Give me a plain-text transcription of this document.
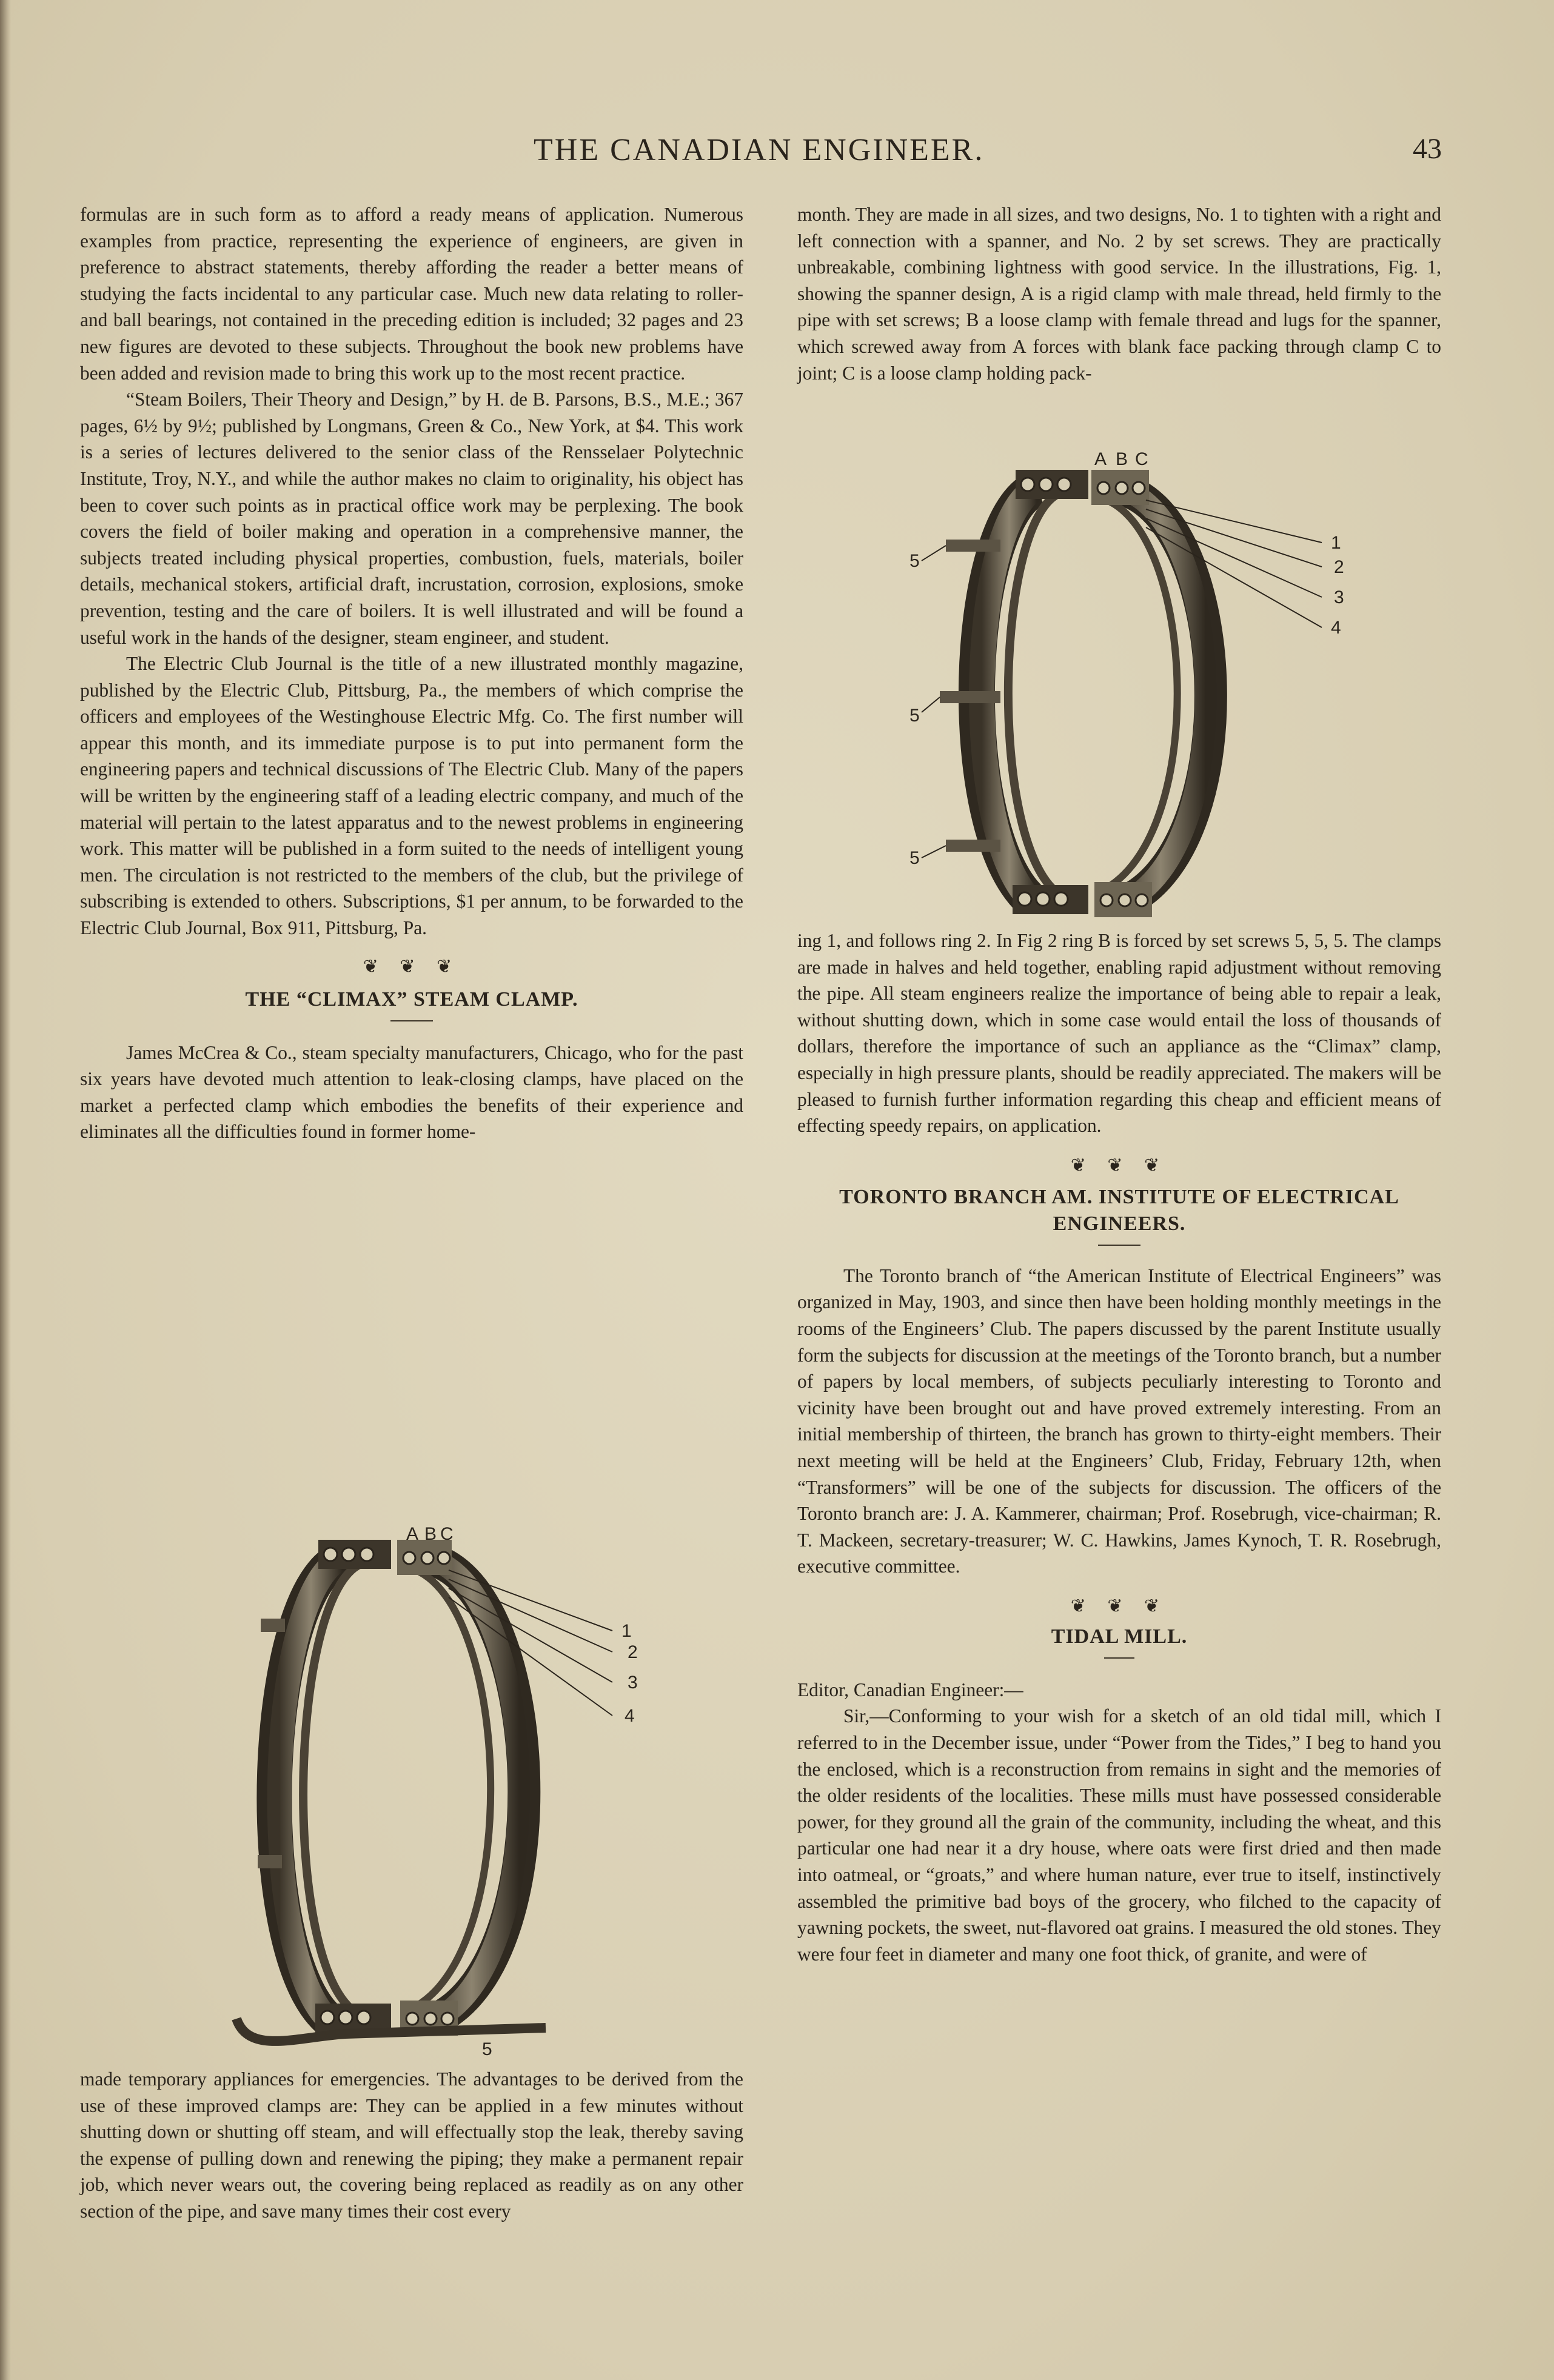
THE CANADIAN ENGINEER.	43

formulas are in such form as to afford a ready means of application. Numerous examples from practice, representing the experience of engineers, are given in preference to abstract statements, thereby affording the reader a better means of studying the facts incidental to any particular case. Much new data relating to roller-and ball bearings, not contained in the preceding edition is included; 32 pages and 23 new figures are devoted to these subjects. Throughout the book new problems have been added and revision made to bring this work up to the most recent practice.

“Steam Boilers, Their Theory and Design,” by H. de B. Parsons, B.S., M.E.; 367 pages, 6½ by 9½; published by Longmans, Green & Co., New York, at $4. This work is a series of lectures delivered to the senior class of the Rensselaer Polytechnic Institute, Troy, N.Y., and while the author makes no claim to originality, his object has been to cover such points as in practical office work may be perplexing. The book covers the field of boiler making and operation in a comprehensive manner, the subjects treated including physical properties, combustion, fuels, materials, boiler details, mechanical stokers, artificial draft, incrustation, corrosion, explosions, smoke prevention, testing and the care of boilers. It is well illustrated and will be found a useful work in the hands of the designer, steam engineer, and student.

The Electric Club Journal is the title of a new illustrated monthly magazine, published by the Electric Club, Pittsburg, Pa., the members of which comprise the officers and employees of the Westinghouse Electric Mfg. Co. The first number will appear this month, and its immediate purpose is to put into permanent form the engineering papers and technical discussions of The Electric Club. Many of the papers will be written by the engineering staff of a leading electric company, and much of the material will pertain to the latest apparatus and to the newest problems in engineering work. This matter will be published in a form suited to the needs of intelligent young men. The circulation is not restricted to the members of the club, but the privilege of subscribing is extended to others. Subscriptions, $1 per annum, to be forwarded to the Electric Club Journal, Box 911, Pittsburg, Pa.

❦ ❦ ❦
THE “CLIMAX” STEAM CLAMP.

James McCrea & Co., steam specialty manufacturers, Chicago, who for the past six years have devoted much attention to leak-closing clamps, have placed on the market a perfected clamp which embodies the benefits of their experience and eliminates all the difficulties found in former home-

A B C
1
2
3
4
5

made temporary appliances for emergencies. The advantages to be derived from the use of these improved clamps are: They can be applied in a few minutes without shutting down or shutting off steam, and will effectually stop the leak, thereby saving the expense of pulling down and renewing the piping; they make a permanent repair job, which never wears out, the covering being replaced as readily as on any other section of the pipe, and save many times their cost every

month. They are made in all sizes, and two designs, No. 1 to tighten with a right and left connection with a spanner, and No. 2 by set screws. They are practically unbreakable, combining lightness with good service. In the illustrations, Fig. 1, showing the spanner design, A is a rigid clamp with male thread, held firmly to the pipe with set screws; B a loose clamp with female thread and lugs for the spanner, which screwed away from A forces with blank face packing through clamp C to joint; C is a loose clamp holding pack-

A B C
1
2
3
4
5
5
5

ing 1, and follows ring 2. In Fig 2 ring B is forced by set screws 5, 5, 5. The clamps are made in halves and held together, enabling rapid adjustment without removing the pipe. All steam engineers realize the importance of being able to repair a leak, without shutting down, which in some case would entail the loss of thousands of dollars, therefore the importance of such an appliance as the “Climax” clamp, especially in high pressure plants, should be readily appreciated. The makers will be pleased to furnish further information regarding this cheap and efficient means of effecting speedy repairs, on application.

❦ ❦ ❦
TORONTO BRANCH AM. INSTITUTE OF ELECTRICAL ENGINEERS.

The Toronto branch of “the American Institute of Electrical Engineers” was organized in May, 1903, and since then have been holding monthly meetings in the rooms of the Engineers’ Club. The papers discussed by the parent Institute usually form the subjects for discussion at the meetings of the Toronto branch, but a number of papers by local members, of subjects peculiarly interesting to Toronto and vicinity have been brought out and have proved extremely interesting. From an initial membership of thirteen, the branch has grown to thirty-eight members. Their next meeting will be held at the Engineers’ Club, Friday, February 12th, when “Transformers” will be one of the subjects for discussion. The officers of the Toronto branch are: J. A. Kammerer, chairman; Prof. Rosebrugh, vice-chairman; R. T. Mackeen, secretary-treasurer; W. C. Hawkins, James Kynoch, T. R. Rosebrugh, executive committee.

❦ ❦ ❦
TIDAL MILL.

Editor, Canadian Engineer:—

Sir,—Conforming to your wish for a sketch of an old tidal mill, which I referred to in the December issue, under “Power from the Tides,” I beg to hand you the enclosed, which is a reconstruction from remains in sight and the memories of the older residents of the localities. These mills must have possessed considerable power, for they ground all the grain of the community, including the wheat, and this particular one had near it a dry house, where oats were first dried and then made into oatmeal, or “groats,” and where human nature, ever true to itself, instinctively assembled the primitive bad boys of the grocery, who filched to the capacity of yawning pockets, the sweet, nut-flavored oat grains. I measured the old stones. They were four feet in diameter and many one foot thick, of granite, and were of
